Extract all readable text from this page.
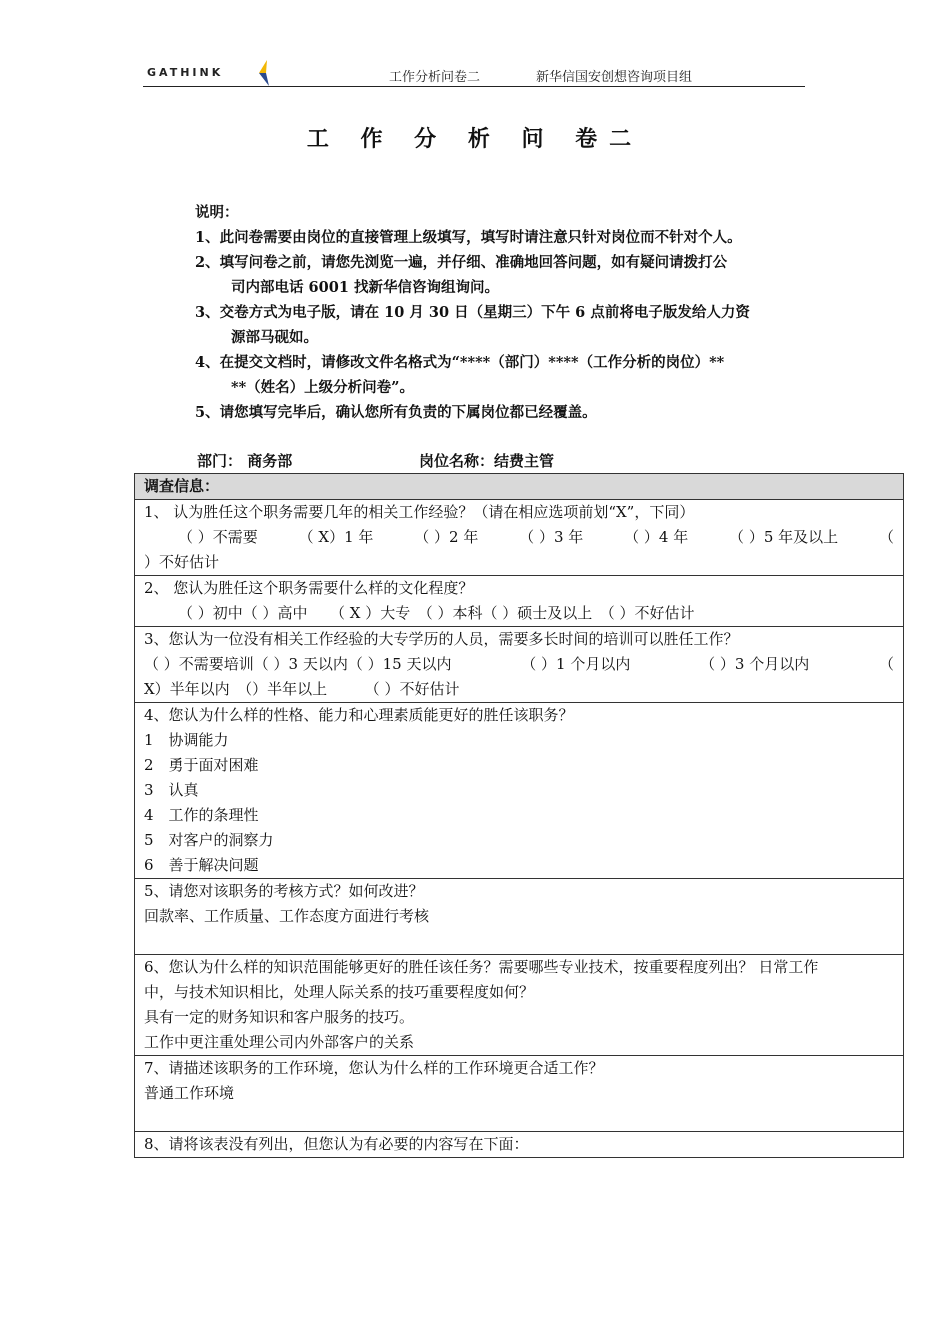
GATHINK	工作分析问卷二	新华信国安创想咨询项目组
工 作 分 析 问 卷二
说明：
1、此问卷需要由岗位的直接管理上级填写，填写时请注意只针对岗位而不针对个人。
2、填写问卷之前，请您先浏览一遍，并仔细、准确地回答问题，如有疑问请拨打公
司内部电话 6001 找新华信咨询组询问。
3、交卷方式为电子版，请在 10 月 30 日（星期三）下午 6 点前将电子版发给人力资
源部马砚如。
4、在提交文档时，请修改文件名格式为“****（部门）****（工作分析的岗位）**
**（姓名）上级分析问卷”。
5、请您填写完毕后，确认您所有负责的下属岗位都已经覆盖。
部门： 商务部	岗位名称：结费主管
调查信息：

1、 认为胜任这个职务需要几年的相关工作经验？（请在相应选项前划“X”，下同）
（ ）不需要	（ X）1 年	（ ）2 年	（ ）3 年	（ ）4 年	（ ）5 年及以上	（
）不好估计

2、 您认为胜任这个职务需要什么样的文化程度？
（ ）初中（ ）高中　　（ X ）大专　（ ）本科（ ）硕士及以上　（ ）不好估计

3、您认为一位没有相关工作经验的大专学历的人员，需要多长时间的培训可以胜任工作？
（ ）不需要培训（ ）3 天以内（ ）15 天以内	（ ）1 个月以内	（ ）3 个月以内	（
X）半年以内　（）半年以上　　　（ ）不好估计

4、您认为什么样的性格、能力和心理素质能更好的胜任该职务？
1　协调能力
2　勇于面对困难
3　认真
4　工作的条理性
5　对客户的洞察力
6　善于解决问题

5、请您对该职务的考核方式？如何改进？
回款率、工作质量、工作态度方面进行考核

6、您认为什么样的知识范围能够更好的胜任该任务？需要哪些专业技术，按重要程度列出？ 日常工作
中，与技术知识相比，处理人际关系的技巧重要程度如何？
具有一定的财务知识和客户服务的技巧。
工作中更注重处理公司内外部客户的关系

7、请描述该职务的工作环境，您认为什么样的工作环境更合适工作？
普通工作环境

8、请将该表没有列出，但您认为有必要的内容写在下面：
